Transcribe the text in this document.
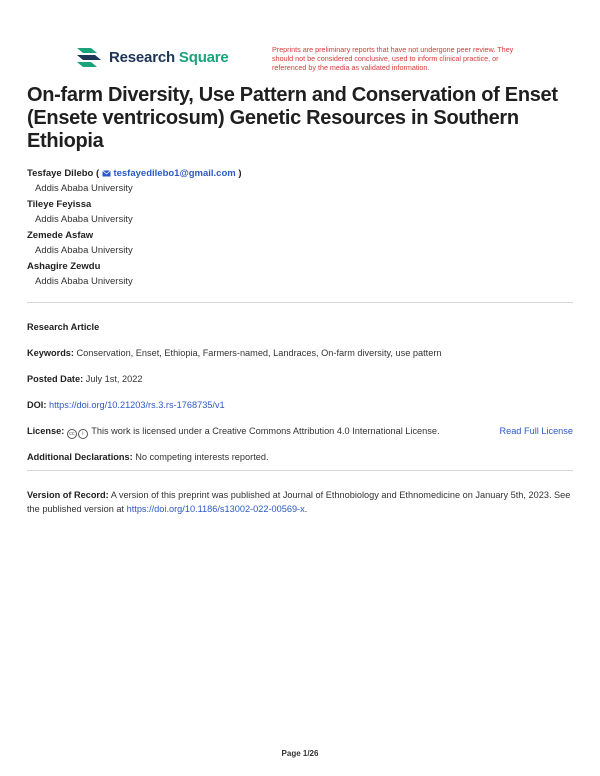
Research Square	Preprints are preliminary reports that have not undergone peer review. They should not be considered conclusive, used to inform clinical practice, or referenced by the media as validated information.
On-farm Diversity, Use Pattern and Conservation of Enset (Ensete ventricosum) Genetic Resources in Southern Ethiopia
Tesfaye Dilebo ( tesfayedilebo1@gmail.com )
Addis Ababa University
Tileye Feyissa
Addis Ababa University
Zemede Asfaw
Addis Ababa University
Ashagire Zewdu
Addis Ababa University
Research Article
Keywords: Conservation, Enset, Ethiopia, Farmers-named, Landraces, On-farm diversity, use pattern
Posted Date: July 1st, 2022
DOI: https://doi.org/10.21203/rs.3.rs-1768735/v1
License: cc i This work is licensed under a Creative Commons Attribution 4.0 International License.	Read Full License
Additional Declarations: No competing interests reported.
Version of Record: A version of this preprint was published at Journal of Ethnobiology and Ethnomedicine on January 5th, 2023. See the published version at https://doi.org/10.1186/s13002-022-00569-x.
Page 1/26
